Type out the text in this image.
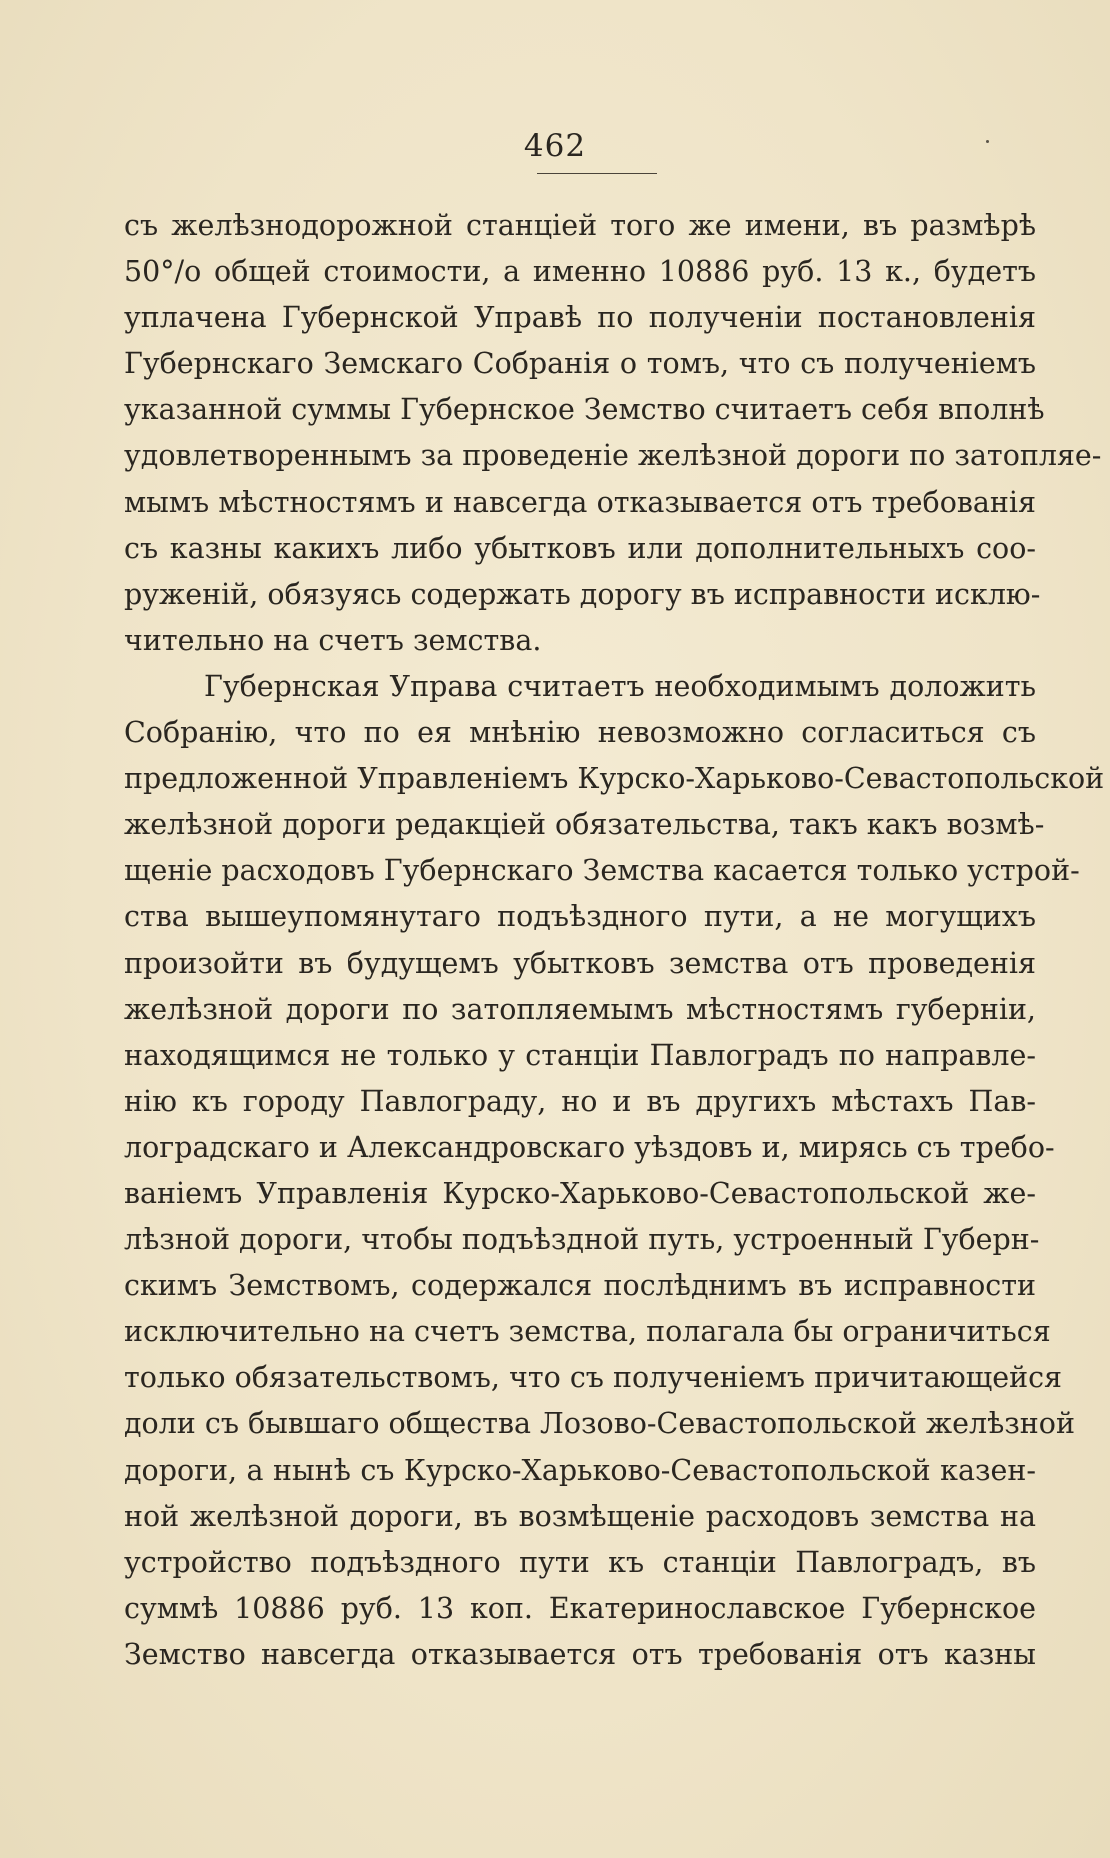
462
съ желѣзнодорожной станціей того же имени, въ размѣрѣ
50°/о общей стоимости, а именно 10886 руб. 13 к., будетъ
уплачена Губернской Управѣ по полученіи постановленія
Губернскаго Земскаго Собранія о томъ, что съ полученіемъ
указанной суммы Губернское Земство считаетъ себя вполнѣ
удовлетвореннымъ за проведеніе желѣзной дороги по затопляе-
мымъ мѣстностямъ и навсегда отказывается отъ требованія
съ казны какихъ либо убытковъ или дополнительныхъ соо-
руженій, обязуясь содержать дорогу въ исправности исклю-
чительно на счетъ земства.
Губернская Управа считаетъ необходимымъ доложить
Собранію, что по ея мнѣнію невозможно согласиться съ
предложенной Управленіемъ Курско-Харьково-Севастопольской
желѣзной дороги редакціей обязательства, такъ какъ возмѣ-
щеніе расходовъ Губернскаго Земства касается только устрой-
ства вышеупомянутаго подъѣздного пути, а не могущихъ
произойти въ будущемъ убытковъ земства отъ проведенія
желѣзной дороги по затопляемымъ мѣстностямъ губерніи,
находящимся не только у станціи Павлоградъ по направле-
нію къ городу Павлограду, но и въ другихъ мѣстахъ Пав-
лоградскаго и Александровскаго уѣздовъ и, мирясь съ требо-
ваніемъ Управленія Курско-Харьково-Севастопольской же-
лѣзной дороги, чтобы подъѣздной путь, устроенный Губерн-
скимъ Земствомъ, содержался послѣднимъ въ исправности
исключительно на счетъ земства, полагала бы ограничиться
только обязательствомъ, что съ полученіемъ причитающейся
доли съ бывшаго общества Лозово-Севастопольской желѣзной
дороги, а нынѣ съ Курско-Харьково-Севастопольской казен-
ной желѣзной дороги, въ возмѣщеніе расходовъ земства на
устройство подъѣздного пути къ станціи Павлоградъ, въ
суммѣ 10886 руб. 13 коп. Екатеринославское Губернское
Земство навсегда отказывается отъ требованія отъ казны
